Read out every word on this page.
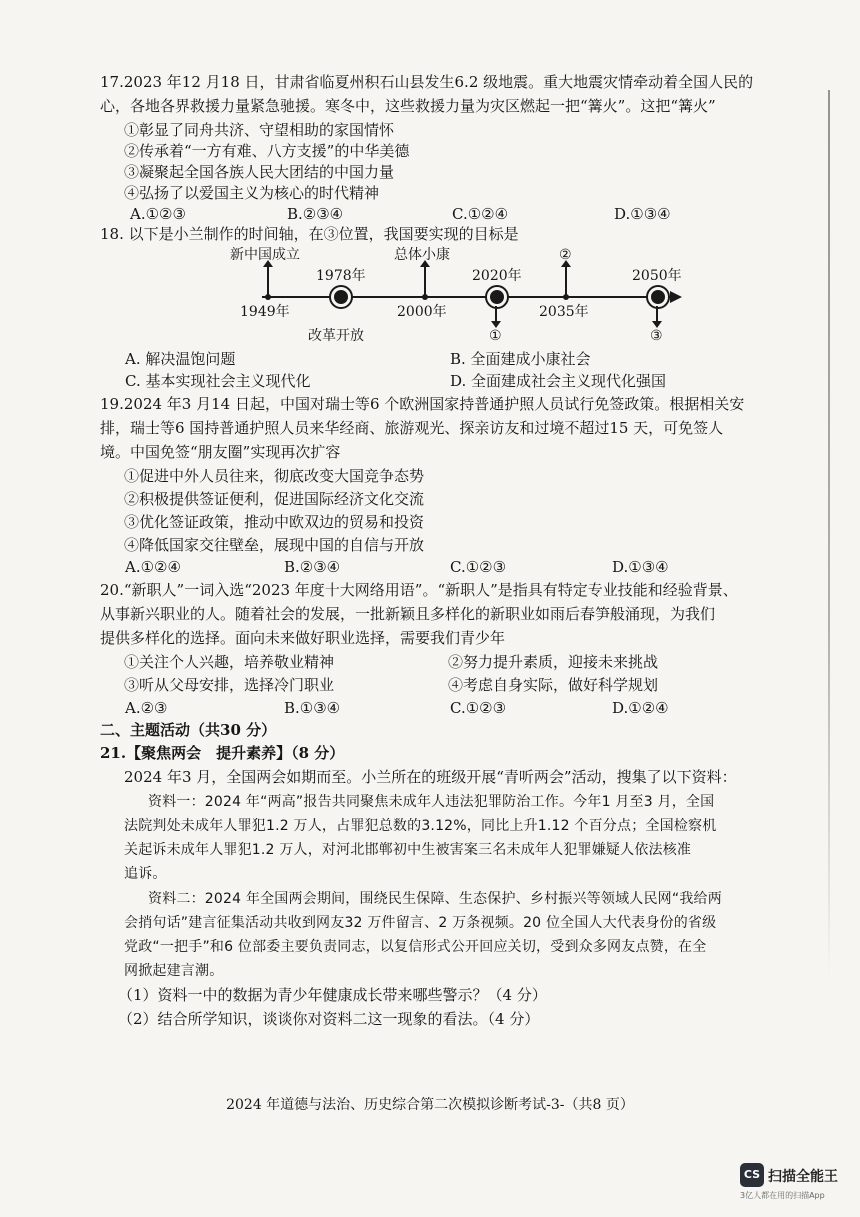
17.2023 年12 月18 日，甘肃省临夏州积石山县发生6.2 级地震。重大地震灾情牵动着全国人民的
心，各地各界救援力量紧急驰援。寒冬中，这些救援力量为灾区燃起一把“篝火”。这把“篝火”
①彰显了同舟共济、守望相助的家国情怀
②传承着“一方有难、八方支援”的中华美德
③凝聚起全国各族人民大团结的中国力量
④弘扬了以爱国主义为核心的时代精神
A.①②③	B.②③④	C.①②④	D.①③④
18. 以下是小兰制作的时间轴，在③位置，我国要实现的目标是
新中国成立
1949年
1978年
改革开放
总体小康
2000年
2020年
①
②
2035年
2050年
③
A. 解决温饱问题	B. 全面建成小康社会
C. 基本实现社会主义现代化	D. 全面建成社会主义现代化强国
19.2024 年3 月14 日起，中国对瑞士等6 个欧洲国家持普通护照人员试行免签政策。根据相关安
排，瑞士等6 国持普通护照人员来华经商、旅游观光、探亲访友和过境不超过15 天，可免签人
境。中国免签“朋友圈”实现再次扩容
①促进中外人员往来，彻底改变大国竞争态势
②积极提供签证便利，促进国际经济文化交流
③优化签证政策，推动中欧双边的贸易和投资
④降低国家交往壁垒，展现中国的自信与开放
A.①②④	B.②③④	C.①②③	D.①③④
20.“新职人”一词入选“2023 年度十大网络用语”。“新职人”是指具有特定专业技能和经验背景、
从事新兴职业的人。随着社会的发展，一批新颖且多样化的新职业如雨后春笋般涌现，为我们
提供多样化的选择。面向未来做好职业选择，需要我们青少年
①关注个人兴趣，培养敬业精神	②努力提升素质，迎接未来挑战
③听从父母安排，选择冷门职业	④考虑自身实际，做好科学规划
A.②③	B.①③④	C.①②③	D.①②④
二、主题活动（共30 分）
21.【聚焦两会　提升素养】（8 分）
2024 年3 月，全国两会如期而至。小兰所在的班级开展“青听两会”活动，搜集了以下资料：
资料一：2024 年“两高”报告共同聚焦未成年人违法犯罪防治工作。今年1 月至3 月，全国
法院判处未成年人罪犯1.2 万人，占罪犯总数的3.12%，同比上升1.12 个百分点；全国检察机
关起诉未成年人罪犯1.2 万人，对河北邯郸初中生被害案三名未成年人犯罪嫌疑人依法核准
追诉。
资料二：2024 年全国两会期间，围绕民生保障、生态保护、乡村振兴等领域人民网“我给两
会捎句话”建言征集活动共收到网友32 万件留言、2 万条视频。20 位全国人大代表身份的省级
党政“一把手”和6 位部委主要负责同志，以复信形式公开回应关切，受到众多网友点赞，在全
网掀起建言潮。
（1）资料一中的数据为青少年健康成长带来哪些警示？（4 分）
（2）结合所学知识，谈谈你对资料二这一现象的看法。（4 分）
2024 年道德与法治、历史综合第二次模拟诊断考试-3-（共8 页）
CS 扫描全能王
3亿人都在用的扫描App
